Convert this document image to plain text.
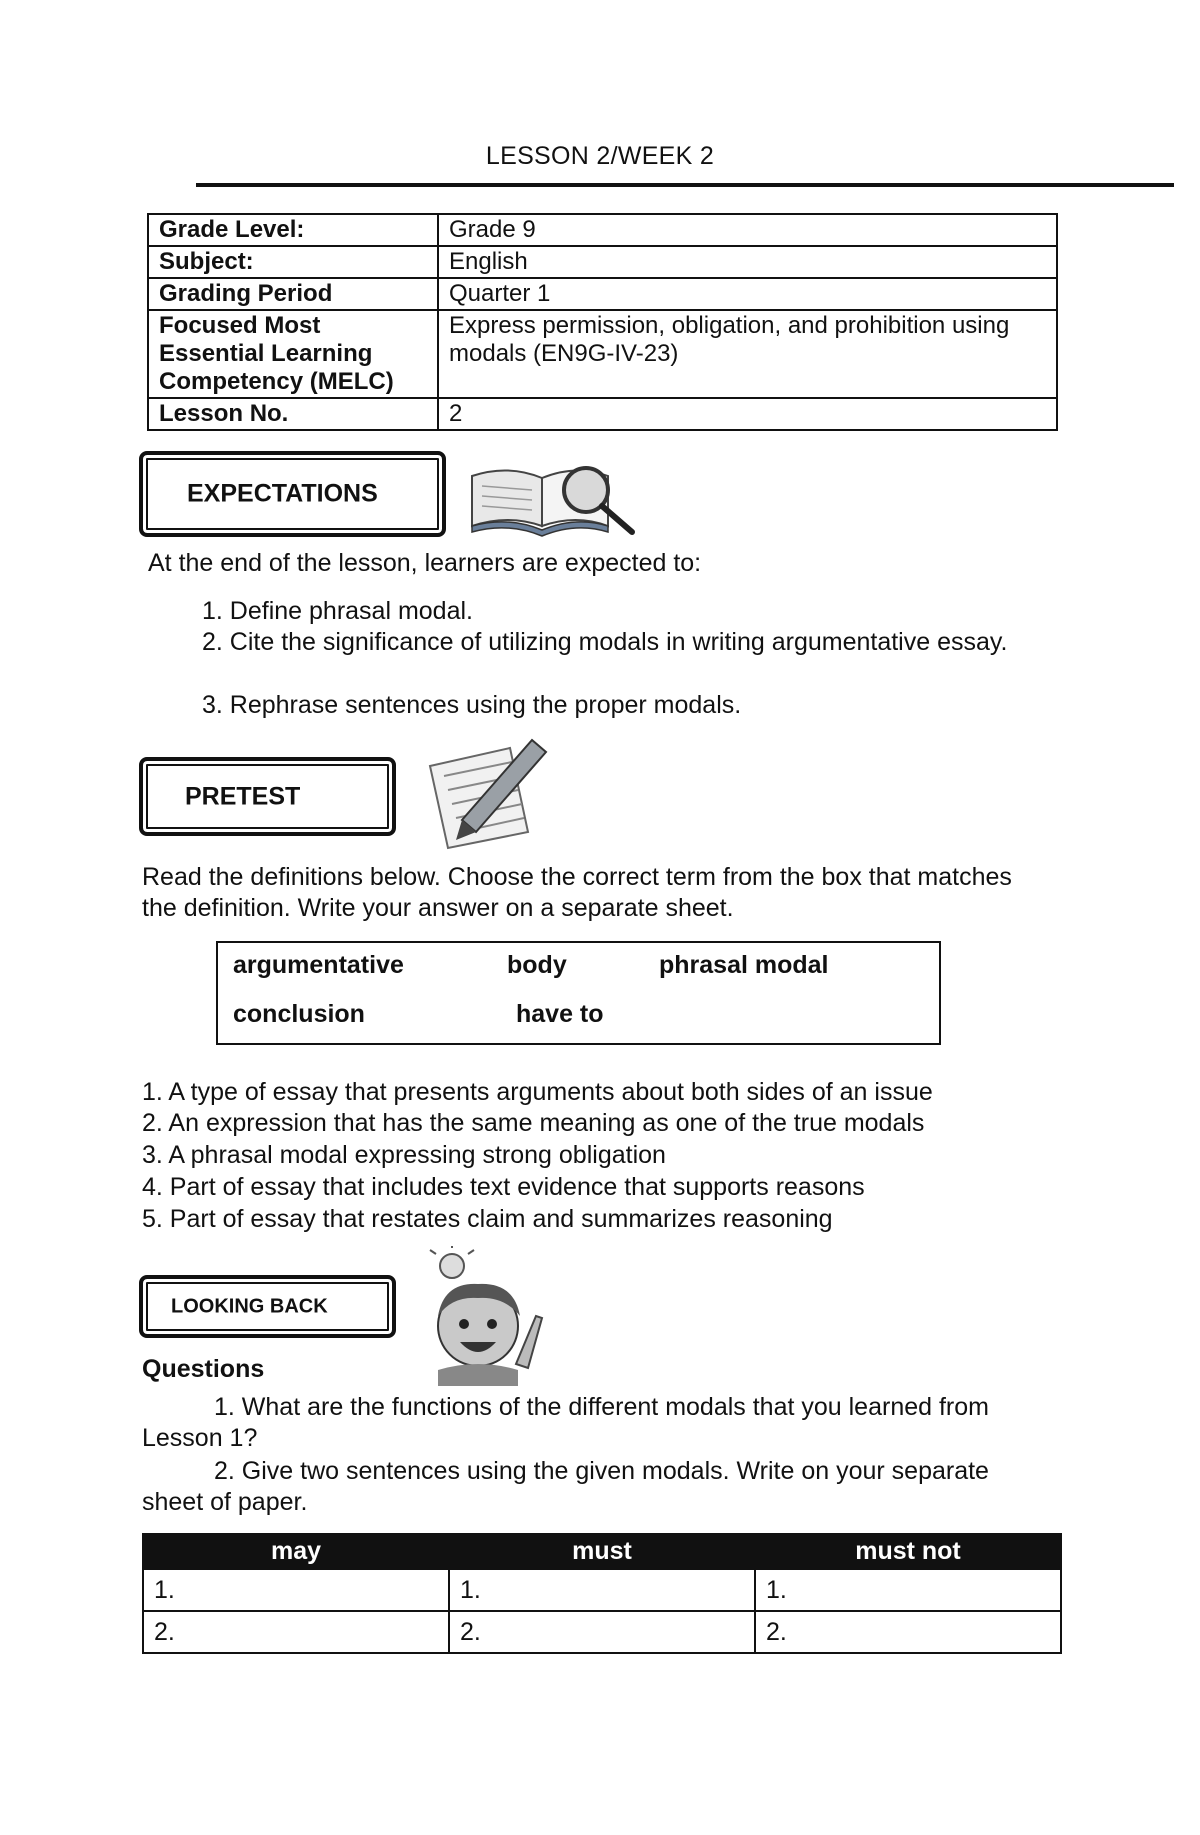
LESSON 2/WEEK 2
Grade Level:	Grade 9
Subject:	English
Grading Period	Quarter 1
Focused Most Essential Learning Competency (MELC)	Express permission, obligation, and prohibition using modals (EN9G-IV-23)
Lesson No.	2
EXPECTATIONS
At the end of the lesson, learners are expected to:
1. Define phrasal modal.
2. Cite the significance of utilizing modals in writing argumentative essay.
3. Rephrase sentences using the proper modals.
PRETEST
Read the definitions below. Choose the correct term from the box that matches the definition. Write your answer on a separate sheet.
argumentative	body	phrasal modal
conclusion	have to
1. A type of essay that presents arguments about both sides of an issue
2. An expression that has the same meaning as one of the true modals
3. A phrasal modal expressing strong obligation
4. Part of essay that includes text evidence that supports reasons
5. Part of essay that restates claim and summarizes reasoning
LOOKING BACK
Questions
1. What are the functions of the different modals that you learned from Lesson 1?
2. Give two sentences using the given modals. Write on your separate sheet of paper.
may	must	must not
1.	1.	1.
2.	2.	2.
